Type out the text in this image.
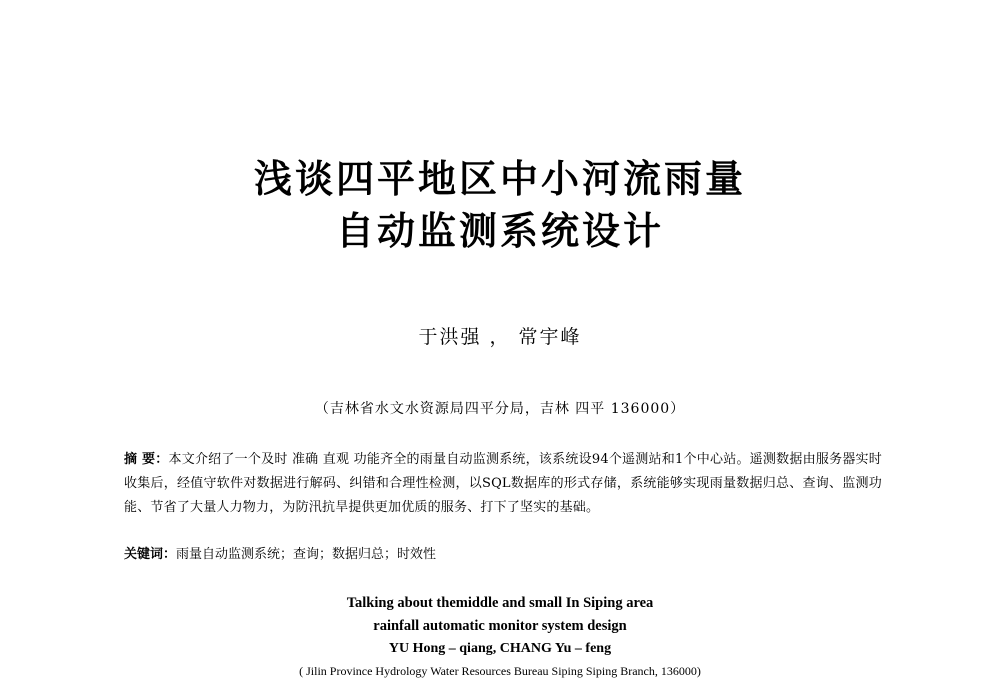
浅谈四平地区中小河流雨量
自动监测系统设计
于洪强 ， 常宇峰
（吉林省水文水资源局四平分局，吉林 四平 136000）
摘 要：本文介绍了一个及时 准确 直观 功能齐全的雨量自动监测系统，该系统设94个遥测站和1个中心站。遥测数据由服务器实时收集后，经值守软件对数据进行解码、纠错和合理性检测，以SQL数据库的形式存储，系统能够实现雨量数据归总、查询、监测功能、节省了大量人力物力，为防汛抗旱提供更加优质的服务、打下了坚实的基础。
关键词：雨量自动监测系统；查询；数据归总；时效性
Talking about themiddle and small In Siping area
rainfall automatic monitor system design
YU Hong – qiang, CHANG Yu – feng
( Jilin Province Hydrology Water Resources Bureau Siping Siping Branch, 136000)
